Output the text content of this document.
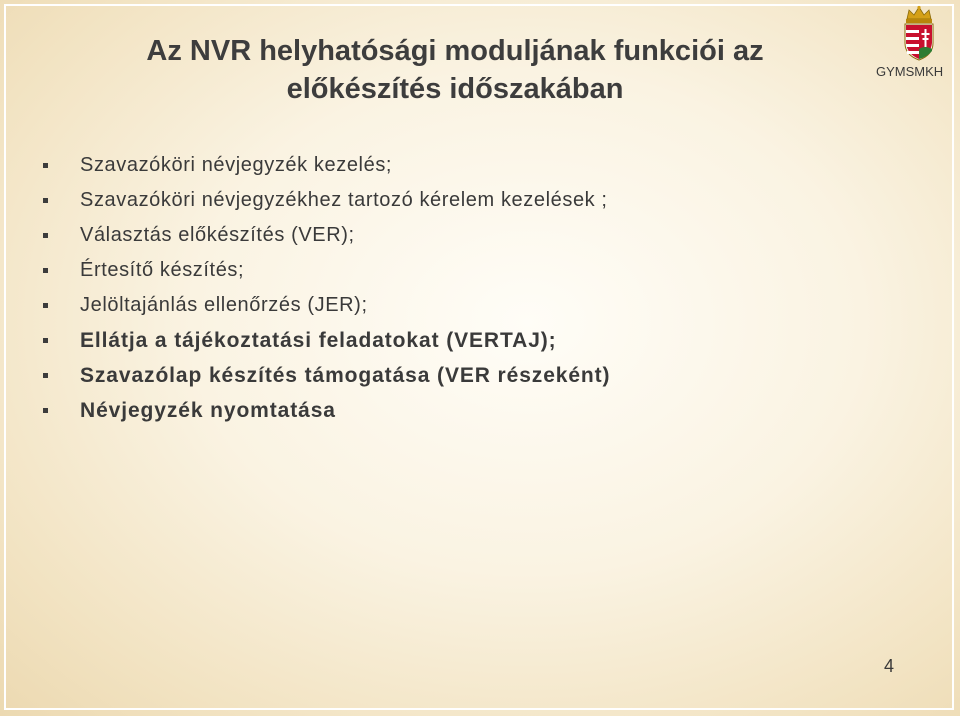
Az NVR helyhatósági moduljának funkciói az
előkészítés időszakában
GYMSMKH
Szavazóköri névjegyzék kezelés;
Szavazóköri névjegyzékhez tartozó kérelem kezelések ;
Választás előkészítés (VER);
Értesítő készítés;
Jelöltajánlás ellenőrzés (JER);
Ellátja a tájékoztatási feladatokat (VERTAJ);
Szavazólap készítés támogatása (VER részeként)
Névjegyzék nyomtatása
4
